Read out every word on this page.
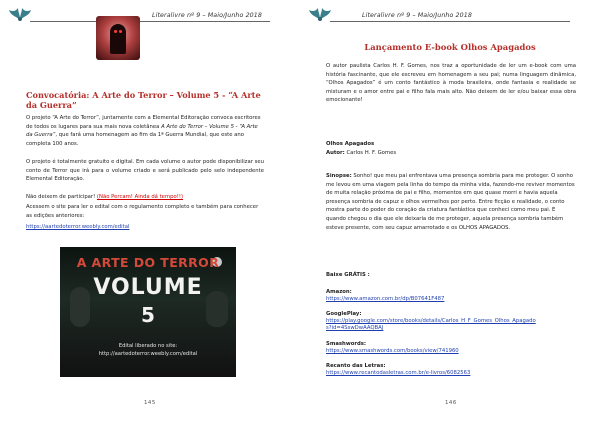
Literalivre nº 9 – Maio/Junho 2018
Convocatória: A Arte do Terror – Volume 5 - “A Arte da Guerra”
O projeto “A Arte do Terror”, juntamente com a Elemental Editoração convoca escritores de todos os lugares para sua mais nova coletânea A Arte do Terror – Volume 5 - “A Arte da Guerra”, que fará uma homenagem ao fim da 1ª Guerra Mundial, que este ano completa 100 anos.
O projeto é totalmente gratuito e digital. Em cada volume o autor pode disponibilizar seu conto de Terror que irá para o volume criado e será publicado pelo selo independente Elemental Editoração.
Não deixem de participar! (Não Percam! Ainda dá tempo!!)
Acessem o site para ler o edital com o regulamento completo e também para conhecer as edições anteriores:
https://aartedoterror.weebly.com/edital
A ARTE DO TERROR
VOLUME
5
Edital liberado no site:
http://aartedoterror.weebly.com/edital
145
Literalivre nº 9 – Maio/Junho 2018
Lançamento E-book Olhos Apagados
O autor paulista Carlos H. F. Gomes, nos traz a oportunidade de ler um e-book com uma história fascinante, que ele escreveu em homenagem a seu pai; numa linguagem dinâmica, “Olhos Apagados” é um conto fantástico à moda brasileira, onde fantasia e realidade se misturam e o amor entre pai e filho fala mais alto. Não deixem de ler e/ou baixar essa obra emocionante!
Olhos Apagados
Autor: Carlos H. F. Gomes
Sinopse: Sonho! que meu pai enfrentava uma presença sombria para me proteger. O sonho me levou em uma viagem pela linha do tempo da minha vida, fazendo-me reviver momentos de muita relação próxima de pai e filho, momentos em que quase morri e havia aquela presença sombria de capuz e olhos vermelhos por perto. Entre ficção e realidade, o conto mostra parte do poder do coração da criatura fantástica que conheci como meu pai. E quando chegou o dia que ele deixaria de me proteger, aquela presença sombria também esteve presente, com seu capuz amarrotado e os OLHOS APAGADOS.
Baixe GRÁTIS :
Amazon:
https://www.amazon.com.br/dp/B07641F487
GooglePlay:
https://play.google.com/store/books/details/Carlos_H_F_Gomes_Olhos_Apagado
s?id=4SswDwAAQBAJ
Smashwords:
https://www.smashwords.com/books/view/741960
Recanto das Letras:
https://www.recantodasletras.com.br/e-livros/6082563
146
